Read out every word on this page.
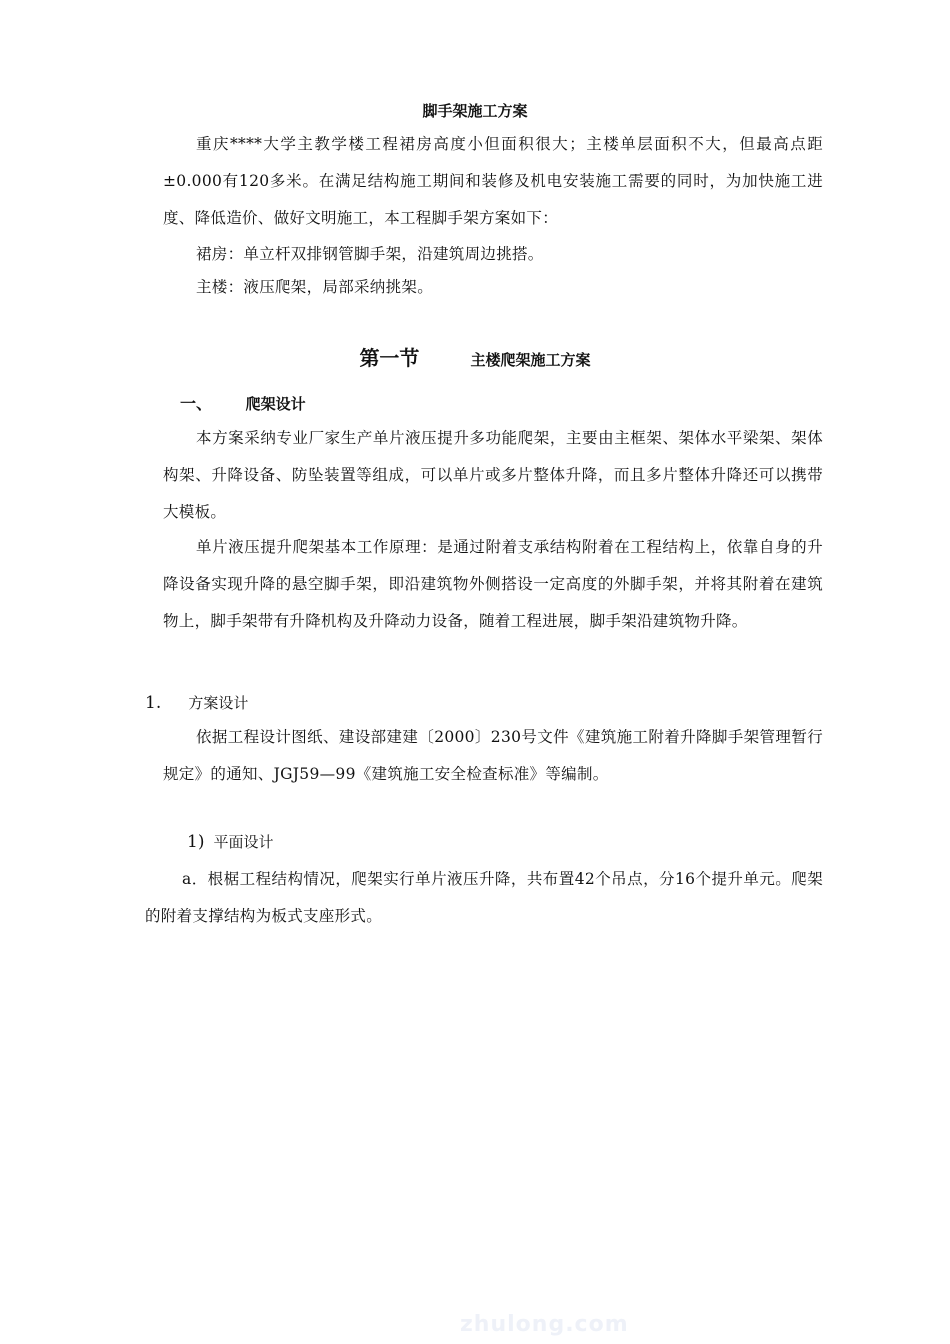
脚手架施工方案

重庆****大学主教学楼工程裙房高度小但面积很大；主楼单层面积不大，但最高点距±0.000有120多米。在满足结构施工期间和装修及机电安装施工需要的同时，为加快施工进度、降低造价、做好文明施工，本工程脚手架方案如下：

裙房：单立杆双排钢管脚手架，沿建筑周边挑搭。

主楼：液压爬架，局部采纳挑架。

第一节	主楼爬架施工方案
一、 爬架设计

本方案采纳专业厂家生产单片液压提升多功能爬架，主要由主框架、架体水平梁架、架体构架、升降设备、防坠装置等组成，可以单片或多片整体升降，而且多片整体升降还可以携带大模板。

单片液压提升爬架基本工作原理：是通过附着支承结构附着在工程结构上，依靠自身的升降设备实现升降的悬空脚手架，即沿建筑物外侧搭设一定高度的外脚手架，并将其附着在建筑物上，脚手架带有升降机构及升降动力设备，随着工程进展，脚手架沿建筑物升降。

1. 方案设计

依据工程设计图纸、建设部建建〔2000〕230号文件《建筑施工附着升降脚手架管理暂行规定》的通知、JGJ59—99《建筑施工安全检查标准》等编制。

1) 平面设计

a．根椐工程结构情况，爬架实行单片液压升降，共布置42个吊点，分16个提升单元。爬架的附着支撑结构为板式支座形式。

zhulong.com
